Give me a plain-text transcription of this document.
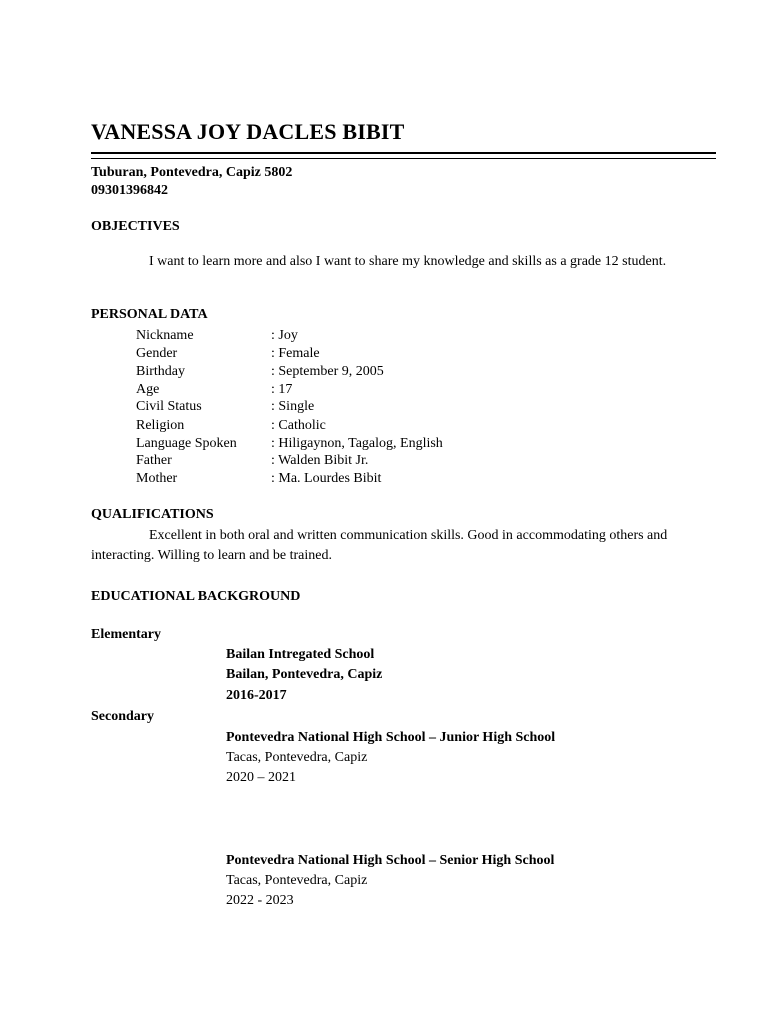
VANESSA JOY DACLES BIBIT
Tuburan, Pontevedra, Capiz 5802
09301396842
OBJECTIVES
I want to learn more and also I want to share my knowledge and skills as a grade 12 student.
PERSONAL DATA
Nickname	: Joy
Gender	: Female
Birthday	: September 9, 2005
Age	: 17
Civil Status	: Single
Religion	: Catholic
Language Spoken : Hiligaynon, Tagalog, English
Father	: Walden Bibit Jr.
Mother	: Ma. Lourdes Bibit
QUALIFICATIONS
Excellent in both oral and written communication skills. Good in accommodating others and interacting. Willing to learn and be trained.
EDUCATIONAL BACKGROUND
Elementary
Bailan Intregated School
Bailan, Pontevedra, Capiz
2016-2017
Secondary
Pontevedra National High School – Junior High School
Tacas, Pontevedra, Capiz
2020 – 2021
Pontevedra National High School – Senior High School
Tacas, Pontevedra, Capiz
2022 - 2023
